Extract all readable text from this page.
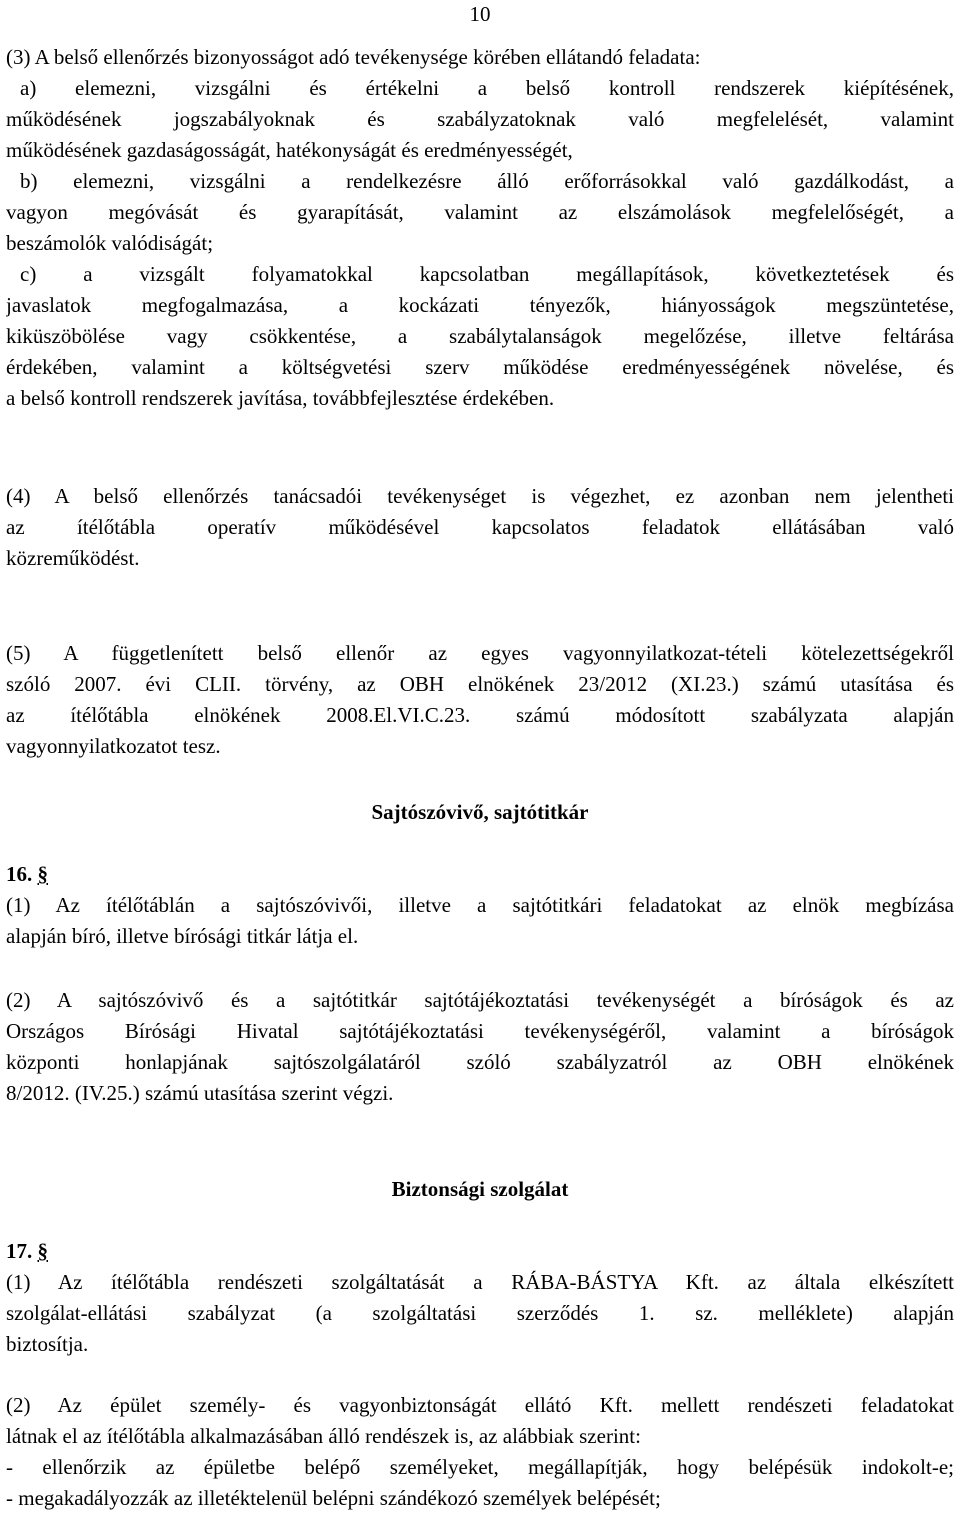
10
(3) A belső ellenőrzés bizonyosságot adó tevékenysége körében ellátandó feladata:
a) elemezni, vizsgálni és értékelni a belső kontroll rendszerek kiépítésének,
működésének jogszabályoknak és szabályzatoknak való megfelelését, valamint
működésének gazdaságosságát, hatékonyságát és eredményességét,
b) elemezni, vizsgálni a rendelkezésre álló erőforrásokkal való gazdálkodást, a
vagyon megóvását és gyarapítását, valamint az elszámolások megfelelőségét, a
beszámolók valódiságát;
c) a vizsgált folyamatokkal kapcsolatban megállapítások, következtetések és
javaslatok megfogalmazása, a kockázati tényezők, hiányosságok megszüntetése,
kiküszöbölése vagy csökkentése, a szabálytalanságok megelőzése, illetve feltárása
érdekében, valamint a költségvetési szerv működése eredményességének növelése, és
a belső kontroll rendszerek javítása, továbbfejlesztése érdekében.
(4) A belső ellenőrzés tanácsadói tevékenységet is végezhet, ez azonban nem jelentheti
az ítélőtábla operatív működésével kapcsolatos feladatok ellátásában való
közreműködést.
(5) A függetlenített belső ellenőr az egyes vagyonnyilatkozat-tételi kötelezettségekről
szóló 2007. évi CLII. törvény, az OBH elnökének 23/2012 (XI.23.) számú utasítása és
az ítélőtábla elnökének 2008.El.VI.C.23. számú módosított szabályzata alapján
vagyonnyilatkozatot tesz.
Sajtószóvivő, sajtótitkár
16. §
(1) Az ítélőtáblán a sajtószóvivői, illetve a sajtótitkári feladatokat az elnök megbízása
alapján bíró, illetve bírósági titkár látja el.
(2) A sajtószóvivő és a sajtótitkár sajtótájékoztatási tevékenységét a bíróságok és az
Országos Bírósági Hivatal sajtótájékoztatási tevékenységéről, valamint a bíróságok
központi honlapjának sajtószolgálatáról szóló szabályzatról az OBH elnökének
8/2012. (IV.25.) számú utasítása szerint végzi.
Biztonsági szolgálat
17. §
(1) Az ítélőtábla rendészeti szolgáltatását a RÁBA-BÁSTYA Kft. az általa elkészített
szolgálat-ellátási szabályzat (a szolgáltatási szerződés 1. sz. melléklete) alapján
biztosítja.
(2) Az épület személy- és vagyonbiztonságát ellátó Kft. mellett rendészeti feladatokat
látnak el az ítélőtábla alkalmazásában álló rendészek is, az alábbiak szerint:
- ellenőrzik az épületbe belépő személyeket, megállapítják, hogy belépésük indokolt-e;
- megakadályozzák az illetéktelenül belépni szándékozó személyek belépését;
